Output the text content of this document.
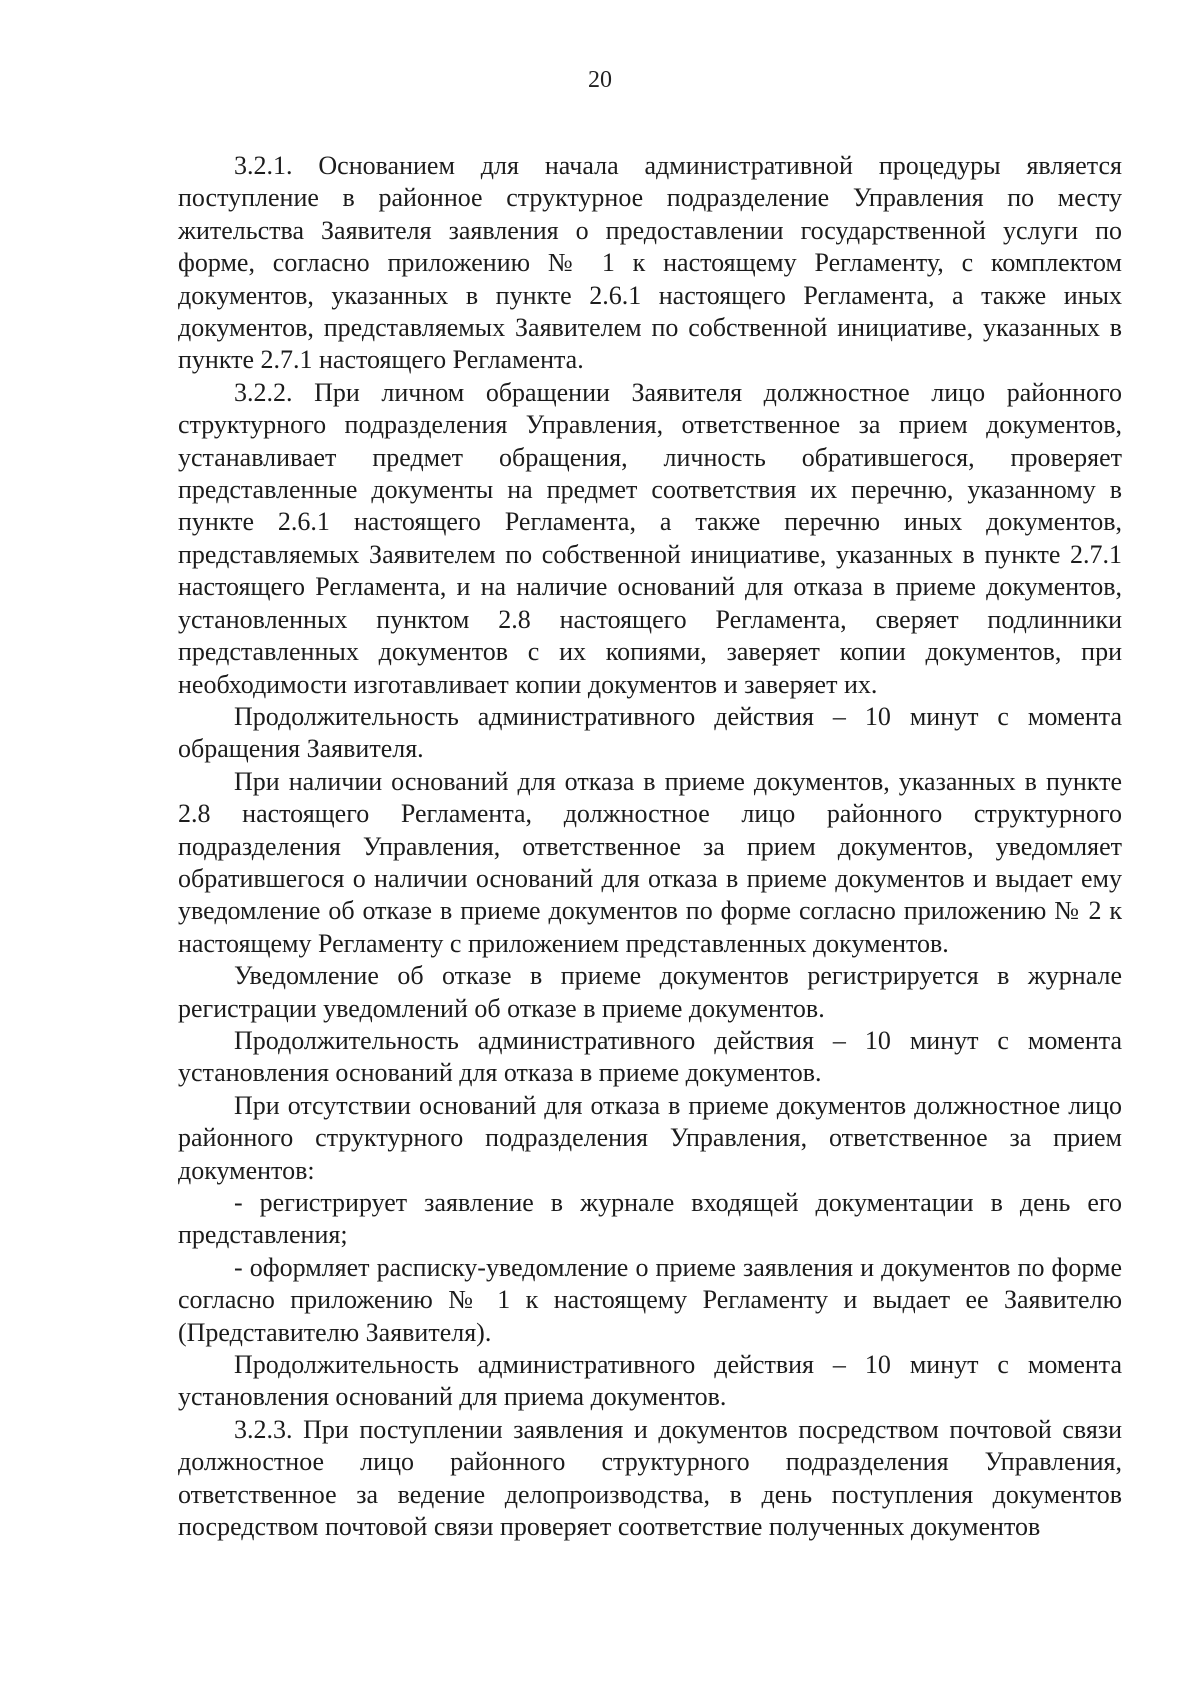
20

3.2.1. Основанием для начала административной процедуры является поступление в районное структурное подразделение Управления по месту жительства Заявителя заявления о предоставлении государственной услуги по форме, согласно приложению № 1 к настоящему Регламенту, с комплектом документов, указанных в пункте 2.6.1 настоящего Регламента, а также иных документов, представляемых Заявителем по собственной инициативе, указанных в пункте 2.7.1 настоящего Регламента.

3.2.2. При личном обращении Заявителя должностное лицо районного структурного подразделения Управления, ответственное за прием документов, устанавливает предмет обращения, личность обратившегося, проверяет представленные документы на предмет соответствия их перечню, указанному в пункте 2.6.1 настоящего Регламента, а также перечню иных документов, представляемых Заявителем по собственной инициативе, указанных в пункте 2.7.1 настоящего Регламента, и на наличие оснований для отказа в приеме документов, установленных пунктом 2.8 настоящего Регламента, сверяет подлинники представленных документов с их копиями, заверяет копии документов, при необходимости изготавливает копии документов и заверяет их.

Продолжительность административного действия – 10 минут с момента обращения Заявителя.

При наличии оснований для отказа в приеме документов, указанных в пункте 2.8 настоящего Регламента, должностное лицо районного структурного подразделения Управления, ответственное за прием документов, уведомляет обратившегося о наличии оснований для отказа в приеме документов и выдает ему уведомление об отказе в приеме документов по форме согласно приложению № 2 к настоящему Регламенту с приложением представленных документов.

Уведомление об отказе в приеме документов регистрируется в журнале регистрации уведомлений об отказе в приеме документов.

Продолжительность административного действия – 10 минут с момента установления оснований для отказа в приеме документов.

При отсутствии оснований для отказа в приеме документов должностное лицо районного структурного подразделения Управления, ответственное за прием документов:

- регистрирует заявление в журнале входящей документации в день его представления;

- оформляет расписку-уведомление о приеме заявления и документов по форме согласно приложению № 1 к настоящему Регламенту и выдает ее Заявителю (Представителю Заявителя).

Продолжительность административного действия – 10 минут с момента установления оснований для приема документов.

3.2.3. При поступлении заявления и документов посредством почтовой связи должностное лицо районного структурного подразделения Управления, ответственное за ведение делопроизводства, в день поступления документов посредством почтовой связи проверяет соответствие полученных документов
